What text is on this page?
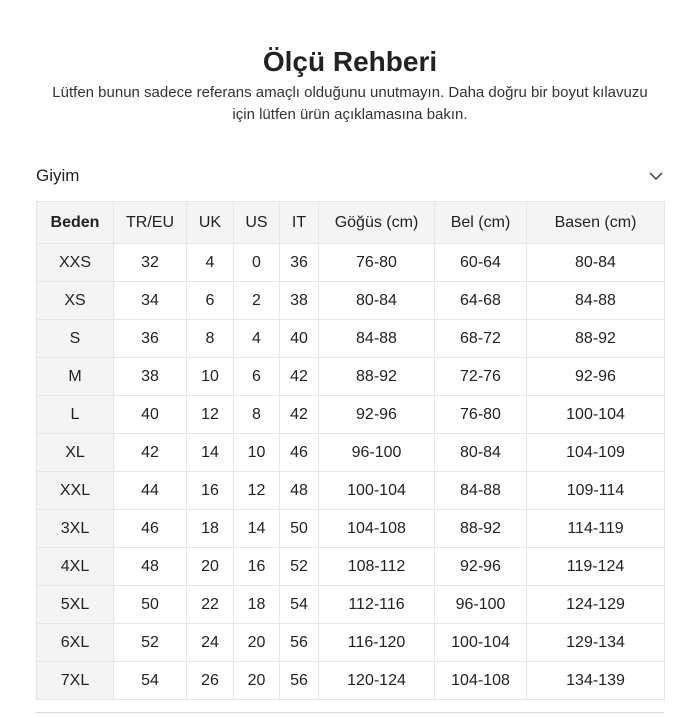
Ölçü Rehberi

Lütfen bunun sadece referans amaçlı olduğunu unutmayın. Daha doğru bir boyut kılavuzu için lütfen ürün açıklamasına bakın.

Giyim
Beden	TR/EU	UK	US	IT	Göğüs (cm)	Bel (cm)	Basen (cm)
XXS	32	4	0	36	76-80	60-64	80-84
XS	34	6	2	38	80-84	64-68	84-88
S	36	8	4	40	84-88	68-72	88-92
M	38	10	6	42	88-92	72-76	92-96
L	40	12	8	42	92-96	76-80	100-104
XL	42	14	10	46	96-100	80-84	104-109
XXL	44	16	12	48	100-104	84-88	109-114
3XL	46	18	14	50	104-108	88-92	114-119
4XL	48	20	16	52	108-112	92-96	119-124
5XL	50	22	18	54	112-116	96-100	124-129
6XL	52	24	20	56	116-120	100-104	129-134
7XL	54	26	20	56	120-124	104-108	134-139
